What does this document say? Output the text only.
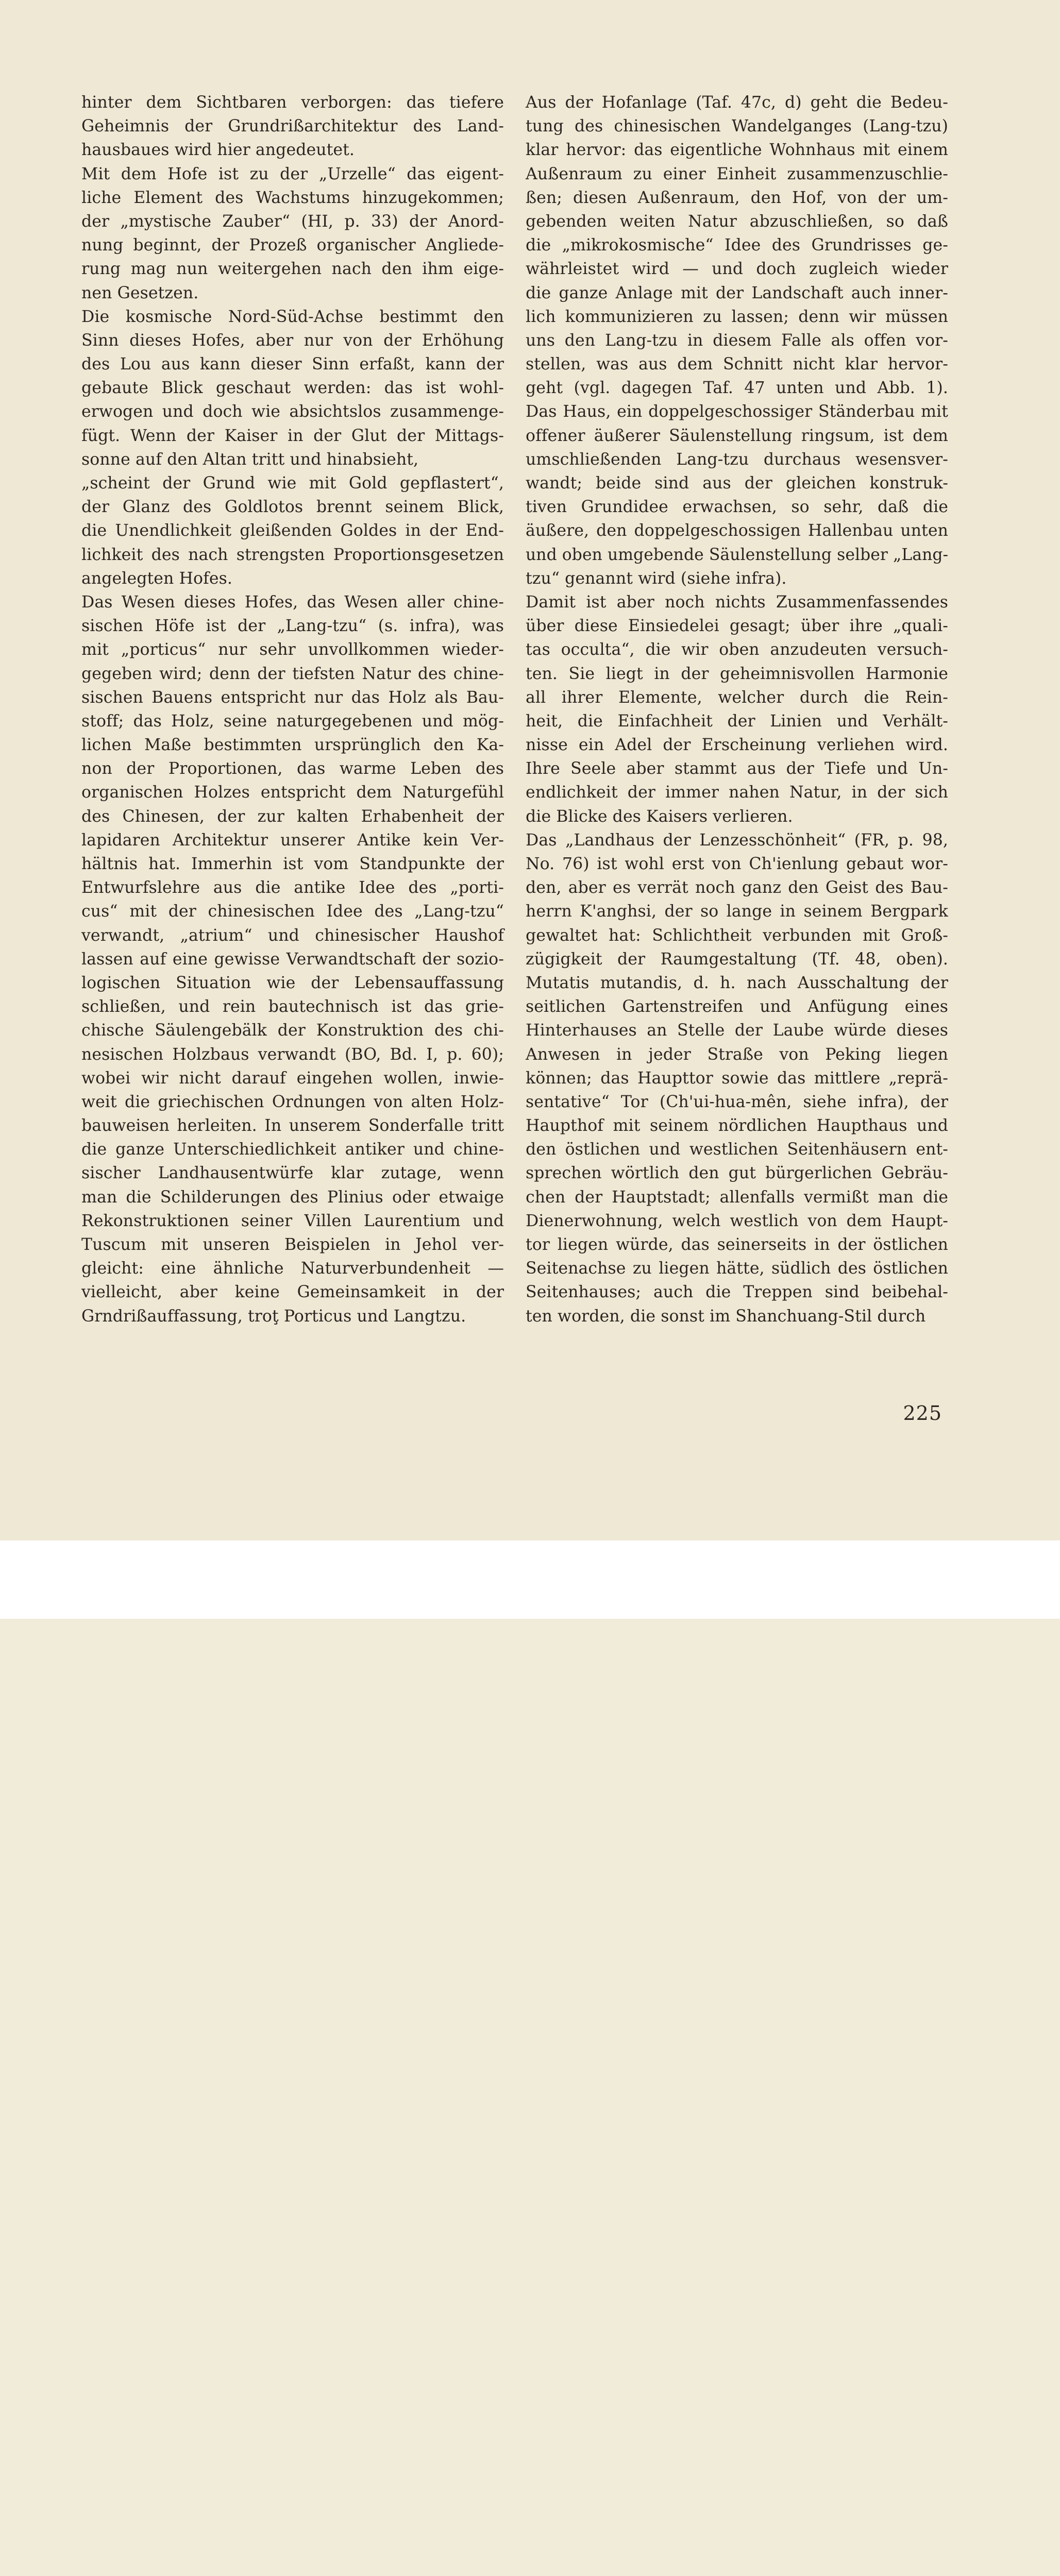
hinter dem Sichtbaren verborgen: das tiefere
Geheimnis der Grundrißarchitektur des Land-
hausbaues wird hier angedeutet.
Mit dem Hofe ist zu der „Urzelle“ das eigent-
liche Element des Wachstums hinzugekommen;
der „mystische Zauber“ (HI, p. 33) der Anord-
nung beginnt, der Prozeß organischer Angliede-
rung mag nun weitergehen nach den ihm eige-
nen Gesetzen.
Die kosmische Nord-Süd-Achse bestimmt den
Sinn dieses Hofes, aber nur von der Erhöhung
des Lou aus kann dieser Sinn erfaßt, kann der
gebaute Blick geschaut werden: das ist wohl-
erwogen und doch wie absichtslos zusammenge-
fügt. Wenn der Kaiser in der Glut der Mittags-
sonne auf den Altan tritt und hinabsieht,
„scheint der Grund wie mit Gold gepflastert“,
der Glanz des Goldlotos brennt seinem Blick,
die Unendlichkeit gleißenden Goldes in der End-
lichkeit des nach strengsten Proportionsgesetzen
angelegten Hofes.
Das Wesen dieses Hofes, das Wesen aller chine-
sischen Höfe ist der „Lang-tzu“ (s. infra), was
mit „porticus“ nur sehr unvollkommen wieder-
gegeben wird; denn der tiefsten Natur des chine-
sischen Bauens entspricht nur das Holz als Bau-
stoff; das Holz, seine naturgegebenen und mög-
lichen Maße bestimmten ursprünglich den Ka-
non der Proportionen, das warme Leben des
organischen Holzes entspricht dem Naturgefühl
des Chinesen, der zur kalten Erhabenheit der
lapidaren Architektur unserer Antike kein Ver-
hältnis hat. Immerhin ist vom Standpunkte der
Entwurfslehre aus die antike Idee des „porti-
cus“ mit der chinesischen Idee des „Lang-tzu“
verwandt, „atrium“ und chinesischer Haushof
lassen auf eine gewisse Verwandtschaft der sozio-
logischen Situation wie der Lebensauffassung
schließen, und rein bautechnisch ist das grie-
chische Säulengebälk der Konstruktion des chi-
nesischen Holzbaus verwandt (BO, Bd. I, p. 60);
wobei wir nicht darauf eingehen wollen, inwie-
weit die griechischen Ordnungen von alten Holz-
bauweisen herleiten. In unserem Sonderfalle tritt
die ganze Unterschiedlichkeit antiker und chine-
sischer Landhausentwürfe klar zutage, wenn
man die Schilderungen des Plinius oder etwaige
Rekonstruktionen seiner Villen Laurentium und
Tuscum mit unseren Beispielen in Jehol ver-
gleicht: eine ähnliche Naturverbundenheit —
vielleicht, aber keine Gemeinsamkeit in der
Grndrißauffassung, troţ Porticus und Langtzu.
Aus der Hofanlage (Taf. 47c, d) geht die Bedeu-
tung des chinesischen Wandelganges (Lang-tzu)
klar hervor: das eigentliche Wohnhaus mit einem
Außenraum zu einer Einheit zusammenzuschlie-
ßen; diesen Außenraum, den Hof, von der um-
gebenden weiten Natur abzuschließen, so daß
die „mikrokosmische“ Idee des Grundrisses ge-
währleistet wird — und doch zugleich wieder
die ganze Anlage mit der Landschaft auch inner-
lich kommunizieren zu lassen; denn wir müssen
uns den Lang-tzu in diesem Falle als offen vor-
stellen, was aus dem Schnitt nicht klar hervor-
geht (vgl. dagegen Taf. 47 unten und Abb. 1).
Das Haus, ein doppelgeschossiger Ständerbau mit
offener äußerer Säulenstellung ringsum, ist dem
umschließenden Lang-tzu durchaus wesensver-
wandt; beide sind aus der gleichen konstruk-
tiven Grundidee erwachsen, so sehr, daß die
äußere, den doppelgeschossigen Hallenbau unten
und oben umgebende Säulenstellung selber „Lang-
tzu“ genannt wird (siehe infra).
Damit ist aber noch nichts Zusammenfassendes
über diese Einsiedelei gesagt; über ihre „quali-
tas occulta“, die wir oben anzudeuten versuch-
ten. Sie liegt in der geheimnisvollen Harmonie
all ihrer Elemente, welcher durch die Rein-
heit, die Einfachheit der Linien und Verhält-
nisse ein Adel der Erscheinung verliehen wird.
Ihre Seele aber stammt aus der Tiefe und Un-
endlichkeit der immer nahen Natur, in der sich
die Blicke des Kaisers verlieren.
Das „Landhaus der Lenzesschönheit“ (FR, p. 98,
No. 76) ist wohl erst von Ch'ienlung gebaut wor-
den, aber es verrät noch ganz den Geist des Bau-
herrn K'anghsi, der so lange in seinem Bergpark
gewaltet hat: Schlichtheit verbunden mit Groß-
zügigkeit der Raumgestaltung (Tf. 48, oben).
Mutatis mutandis, d. h. nach Ausschaltung der
seitlichen Gartenstreifen und Anfügung eines
Hinterhauses an Stelle der Laube würde dieses
Anwesen in jeder Straße von Peking liegen
können; das Haupttor sowie das mittlere „reprä-
sentative“ Tor (Ch'ui-hua-mên, siehe infra), der
Haupthof mit seinem nördlichen Haupthaus und
den östlichen und westlichen Seitenhäusern ent-
sprechen wörtlich den gut bürgerlichen Gebräu-
chen der Hauptstadt; allenfalls vermißt man die
Dienerwohnung, welch westlich von dem Haupt-
tor liegen würde, das seinerseits in der östlichen
Seitenachse zu liegen hätte, südlich des östlichen
Seitenhauses; auch die Treppen sind beibehal-
ten worden, die sonst im Shanchuang-Stil durch
225
